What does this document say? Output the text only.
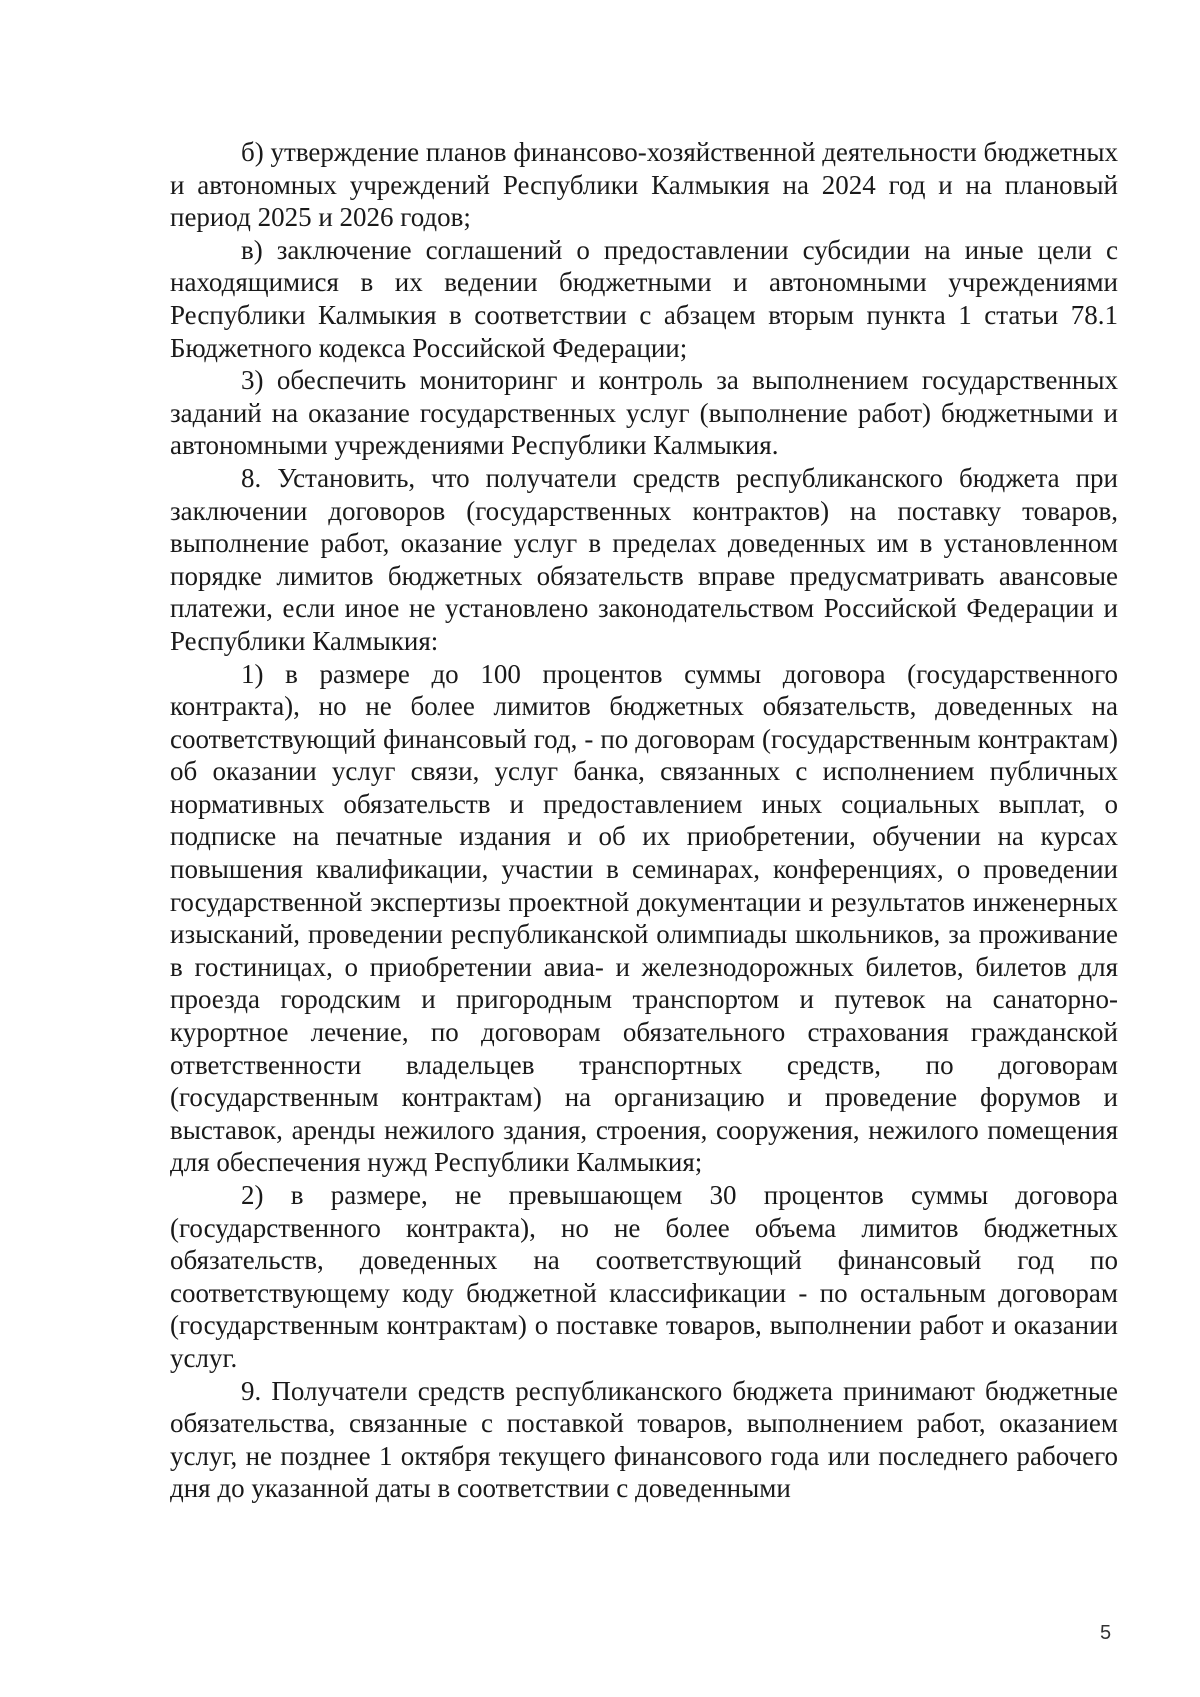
б) утверждение планов финансово-хозяйственной деятельности бюджетных и автономных учреждений Республики Калмыкия на 2024 год и на плановый период 2025 и 2026 годов;

в) заключение соглашений о предоставлении субсидии на иные цели с находящимися в их ведении бюджетными и автономными учреждениями Республики Калмыкия в соответствии с абзацем вторым пункта 1 статьи 78.1 Бюджетного кодекса Российской Федерации;

3) обеспечить мониторинг и контроль за выполнением государственных заданий на оказание государственных услуг (выполнение работ) бюджетными и автономными учреждениями Республики Калмыкия.

8. Установить, что получатели средств республиканского бюджета при заключении договоров (государственных контрактов) на поставку товаров, выполнение работ, оказание услуг в пределах доведенных им в установленном порядке лимитов бюджетных обязательств вправе предусматривать авансовые платежи, если иное не установлено законодательством Российской Федерации и Республики Калмыкия:

1) в размере до 100 процентов суммы договора (государственного контракта), но не более лимитов бюджетных обязательств, доведенных на соответствующий финансовый год, - по договорам (государственным контрактам) об оказании услуг связи, услуг банка, связанных с исполнением публичных нормативных обязательств и предоставлением иных социальных выплат, о подписке на печатные издания и об их приобретении, обучении на курсах повышения квалификации, участии в семинарах, конференциях, о проведении государственной экспертизы проектной документации и результатов инженерных изысканий, проведении республиканской олимпиады школьников, за проживание в гостиницах, о приобретении авиа- и железнодорожных билетов, билетов для проезда городским и пригородным транспортом и путевок на санаторно-курортное лечение, по договорам обязательного страхования гражданской ответственности владельцев транспортных средств, по договорам (государственным контрактам) на организацию и проведение форумов и выставок, аренды нежилого здания, строения, сооружения, нежилого помещения для обеспечения нужд Республики Калмыкия;

2) в размере, не превышающем 30 процентов суммы договора (государственного контракта), но не более объема лимитов бюджетных обязательств, доведенных на соответствующий финансовый год по соответствующему коду бюджетной классификации - по остальным договорам (государственным контрактам) о поставке товаров, выполнении работ и оказании услуг.

9. Получатели средств республиканского бюджета принимают бюджетные обязательства, связанные с поставкой товаров, выполнением работ, оказанием услуг, не позднее 1 октября текущего финансового года или последнего рабочего дня до указанной даты в соответствии с доведенными

5
